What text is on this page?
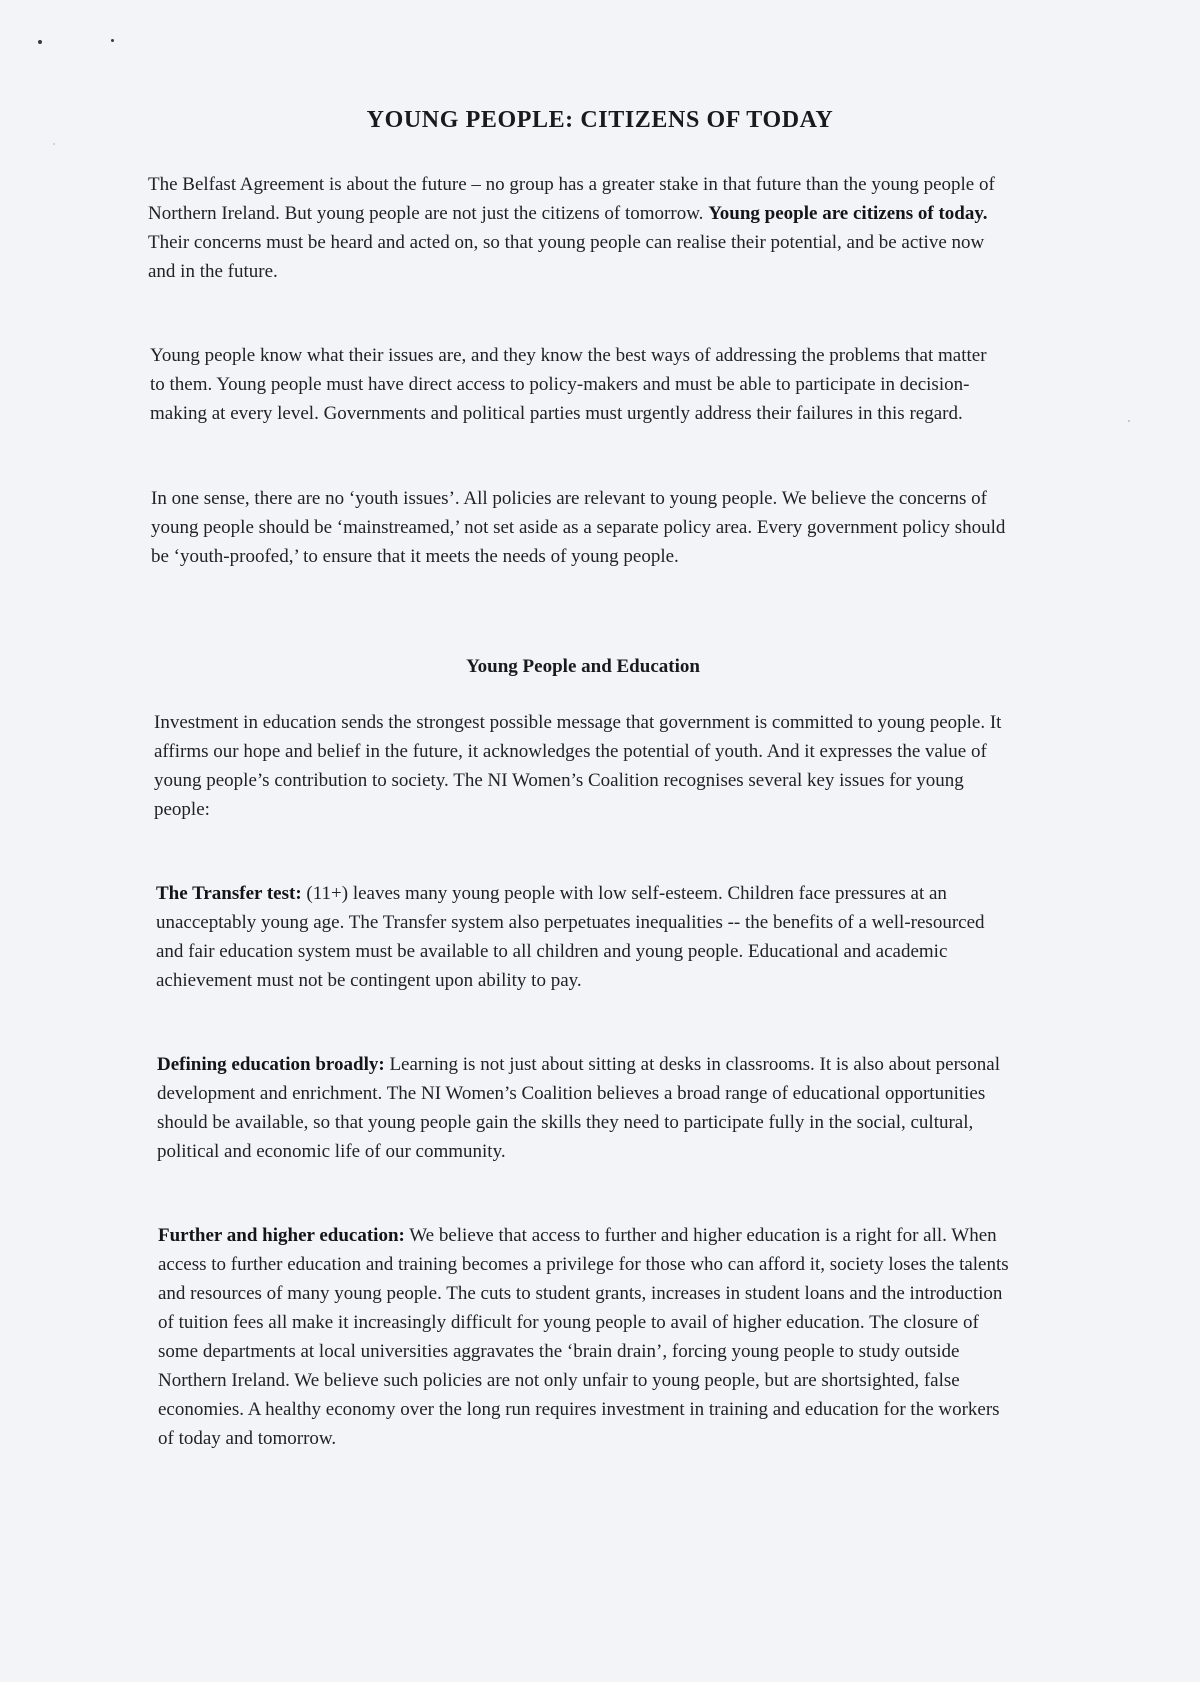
YOUNG PEOPLE: CITIZENS OF TODAY

The Belfast Agreement is about the future – no group has a greater stake in that future than the young people of Northern Ireland. But young people are not just the citizens of tomorrow. Young people are citizens of today. Their concerns must be heard and acted on, so that young people can realise their potential, and be active now and in the future.

Young people know what their issues are, and they know the best ways of addressing the problems that matter to them. Young people must have direct access to policy-makers and must be able to participate in decision-making at every level. Governments and political parties must urgently address their failures in this regard.

In one sense, there are no ‘youth issues’. All policies are relevant to young people. We believe the concerns of young people should be ‘mainstreamed,’ not set aside as a separate policy area. Every government policy should be ‘youth-proofed,’ to ensure that it meets the needs of young people.

Young People and Education

Investment in education sends the strongest possible message that government is committed to young people. It affirms our hope and belief in the future, it acknowledges the potential of youth. And it expresses the value of young people’s contribution to society. The NI Women’s Coalition recognises several key issues for young people:

The Transfer test: (11+) leaves many young people with low self-esteem. Children face pressures at an unacceptably young age. The Transfer system also perpetuates inequalities -- the benefits of a well-resourced and fair education system must be available to all children and young people. Educational and academic achievement must not be contingent upon ability to pay.

Defining education broadly: Learning is not just about sitting at desks in classrooms. It is also about personal development and enrichment. The NI Women’s Coalition believes a broad range of educational opportunities should be available, so that young people gain the skills they need to participate fully in the social, cultural, political and economic life of our community.

Further and higher education: We believe that access to further and higher education is a right for all. When access to further education and training becomes a privilege for those who can afford it, society loses the talents and resources of many young people. The cuts to student grants, increases in student loans and the introduction of tuition fees all make it increasingly difficult for young people to avail of higher education. The closure of some departments at local universities aggravates the ‘brain drain’, forcing young people to study outside Northern Ireland. We believe such policies are not only unfair to young people, but are shortsighted, false economies. A healthy economy over the long run requires investment in training and education for the workers of today and tomorrow.
